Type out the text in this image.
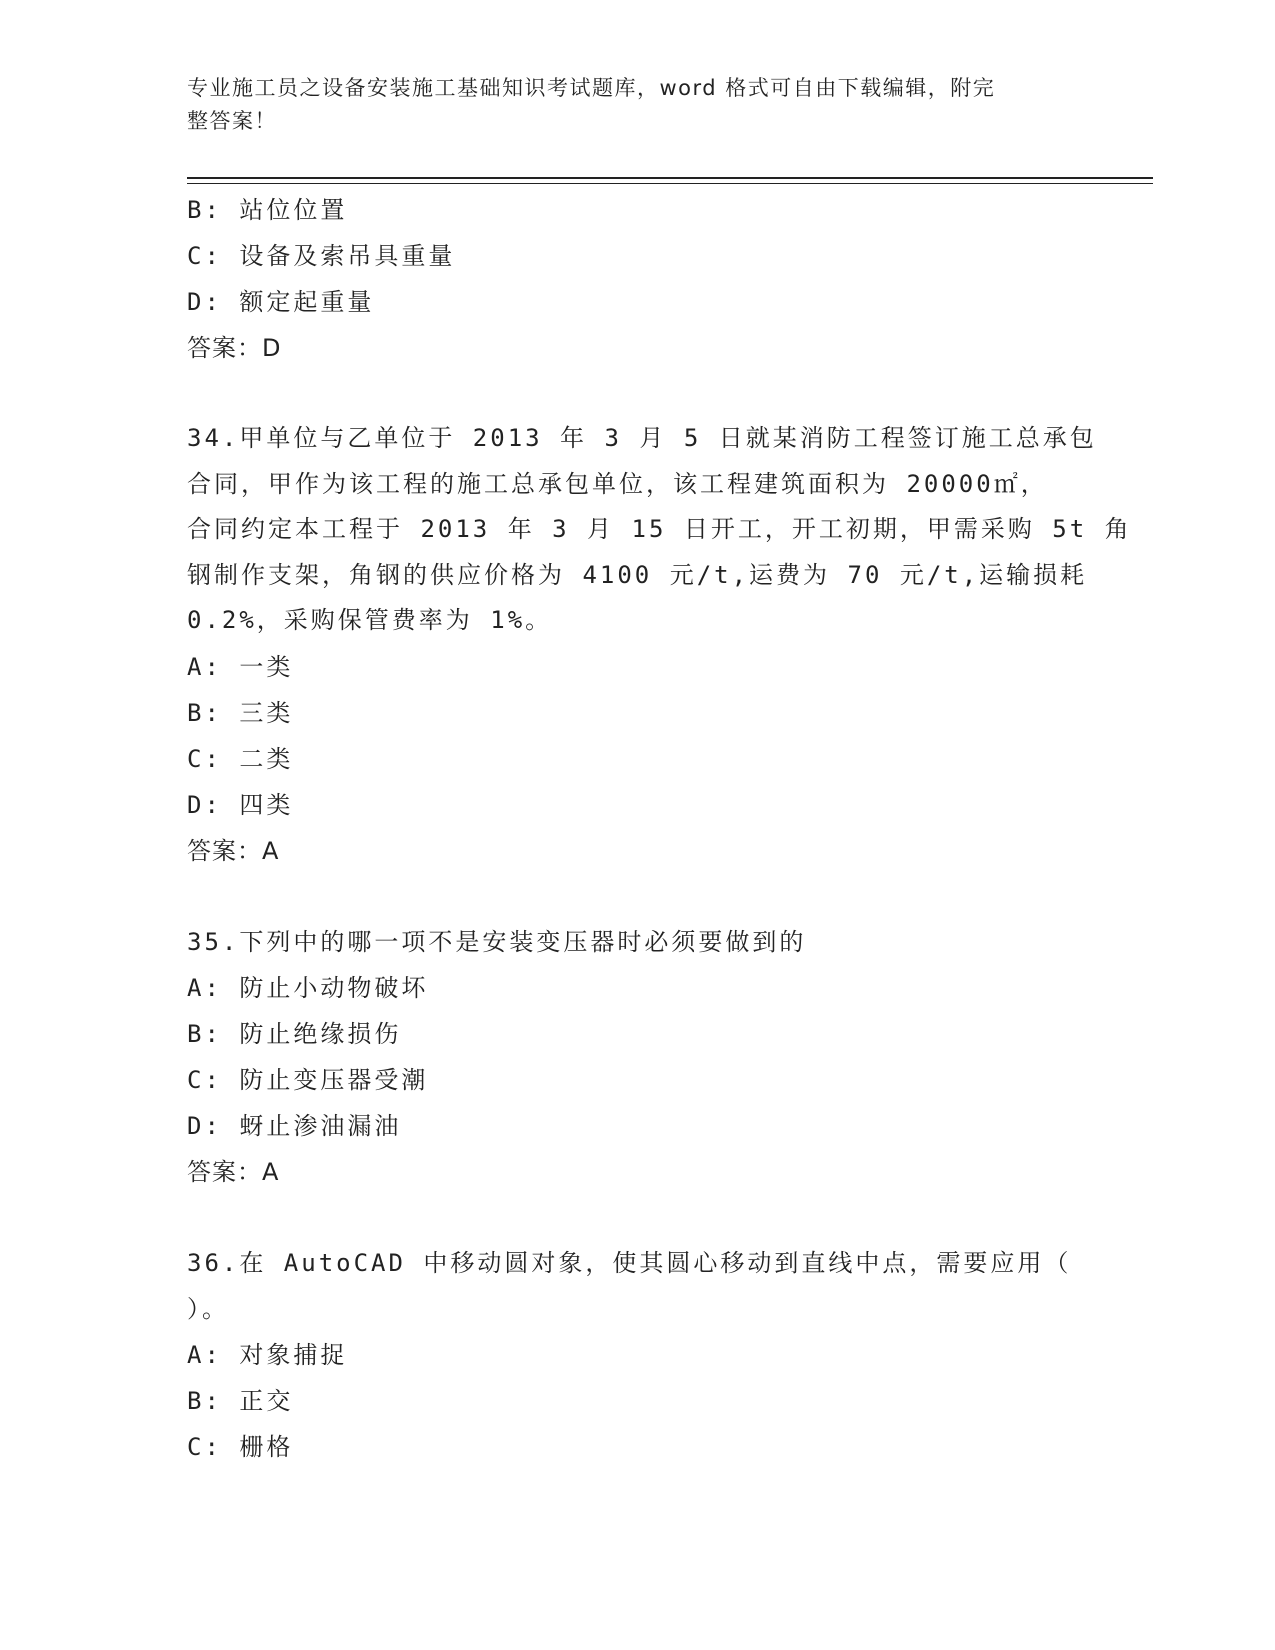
专业施工员之设备安装施工基础知识考试题库，word 格式可自由下载编辑，附完
整答案！
B: 站位位置
C: 设备及索吊具重量
D: 额定起重量
答案：D
34.甲单位与乙单位于 2013 年 3 月 5 日就某消防工程签订施工总承包
合同，甲作为该工程的施工总承包单位，该工程建筑面积为 20000㎡，
合同约定本工程于 2013 年 3 月 15 日开工，开工初期，甲需采购 5t 角
钢制作支架，角钢的供应价格为 4100 元/t,运费为 70 元/t,运输损耗
0.2%，采购保管费率为 1%。
A: 一类
B: 三类
C: 二类
D: 四类
答案：A
35.下列中的哪一项不是安装变压器时必须要做到的
A: 防止小动物破坏
B: 防止绝缘损伤
C: 防止变压器受潮
D: 蚜止渗油漏油
答案：A
36.在 AutoCAD 中移动圆对象，使其圆心移动到直线中点，需要应用（
）。
A: 对象捕捉
B: 正交
C: 栅格
